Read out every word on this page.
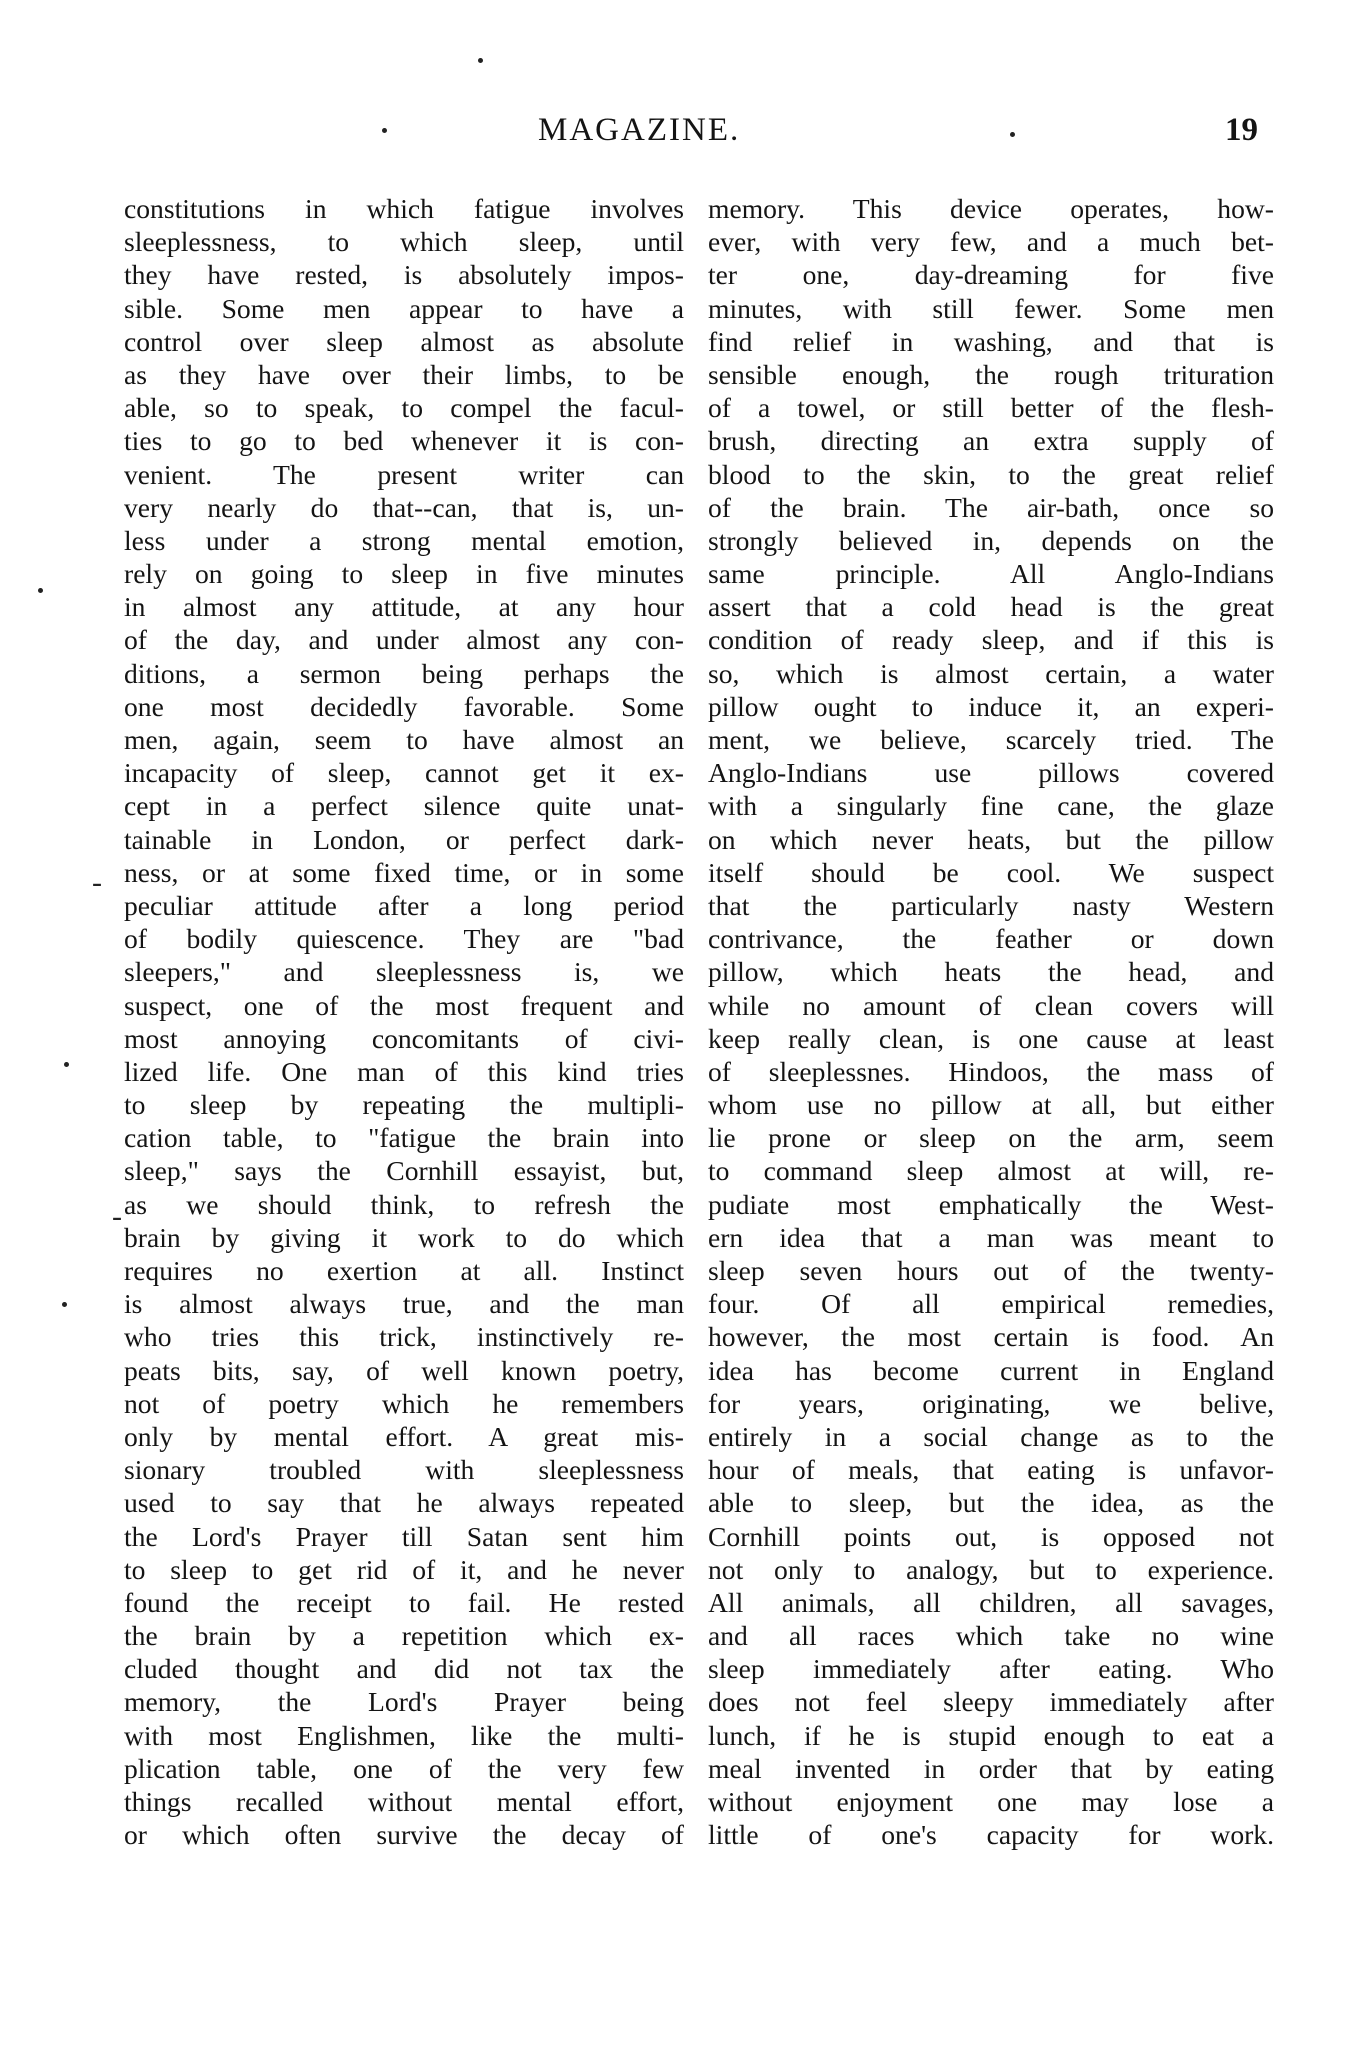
MAGAZINE.	19
-
-
constitutions in which fatigue involves
sleeplessness, to which sleep, until
they have rested, is absolutely impos-
sible. Some men appear to have a
control over sleep almost as absolute
as they have over their limbs, to be
able, so to speak, to compel the facul-
ties to go to bed whenever it is con-
venient. The present writer can
very nearly do that--can, that is, un-
less under a strong mental emotion,
rely on going to sleep in five minutes
in almost any attitude, at any hour
of the day, and under almost any con-
ditions, a sermon being perhaps the
one most decidedly favorable. Some
men, again, seem to have almost an
incapacity of sleep, cannot get it ex-
cept in a perfect silence quite unat-
tainable in London, or perfect dark-
ness, or at some fixed time, or in some
peculiar attitude after a long period
of bodily quiescence. They are "bad
sleepers," and sleeplessness is, we
suspect, one of the most frequent and
most annoying concomitants of civi-
lized life. One man of this kind tries
to sleep by repeating the multipli-
cation table, to "fatigue the brain into
sleep," says the Cornhill essayist, but,
as we should think, to refresh the
brain by giving it work to do which
requires no exertion at all. Instinct
is almost always true, and the man
who tries this trick, instinctively re-
peats bits, say, of well known poetry,
not of poetry which he remembers
only by mental effort. A great mis-
sionary troubled with sleeplessness
used to say that he always repeated
the Lord's Prayer till Satan sent him
to sleep to get rid of it, and he never
found the receipt to fail. He rested
the brain by a repetition which ex-
cluded thought and did not tax the
memory, the Lord's Prayer being
with most Englishmen, like the multi-
plication table, one of the very few
things recalled without mental effort,
or which often survive the decay of
memory. This device operates, how-
ever, with very few, and a much bet-
ter one, day-dreaming for five
minutes, with still fewer. Some men
find relief in washing, and that is
sensible enough, the rough trituration
of a towel, or still better of the flesh-
brush, directing an extra supply of
blood to the skin, to the great relief
of the brain. The air-bath, once so
strongly believed in, depends on the
same principle. All Anglo-Indians
assert that a cold head is the great
condition of ready sleep, and if this is
so, which is almost certain, a water
pillow ought to induce it, an experi-
ment, we believe, scarcely tried. The
Anglo-Indians use pillows covered
with a singularly fine cane, the glaze
on which never heats, but the pillow
itself should be cool. We suspect
that the particularly nasty Western
contrivance, the feather or down
pillow, which heats the head, and
while no amount of clean covers will
keep really clean, is one cause at least
of sleeplessnes. Hindoos, the mass of
whom use no pillow at all, but either
lie prone or sleep on the arm, seem
to command sleep almost at will, re-
pudiate most emphatically the West-
ern idea that a man was meant to
sleep seven hours out of the twenty-
four. Of all empirical remedies,
however, the most certain is food. An
idea has become current in England
for years, originating, we belive,
entirely in a social change as to the
hour of meals, that eating is unfavor-
able to sleep, but the idea, as the
Cornhill points out, is opposed not
not only to analogy, but to experience.
All animals, all children, all savages,
and all races which take no wine
sleep immediately after eating. Who
does not feel sleepy immediately after
lunch, if he is stupid enough to eat a
meal invented in order that by eating
without enjoyment one may lose a
little of one's capacity for work.
